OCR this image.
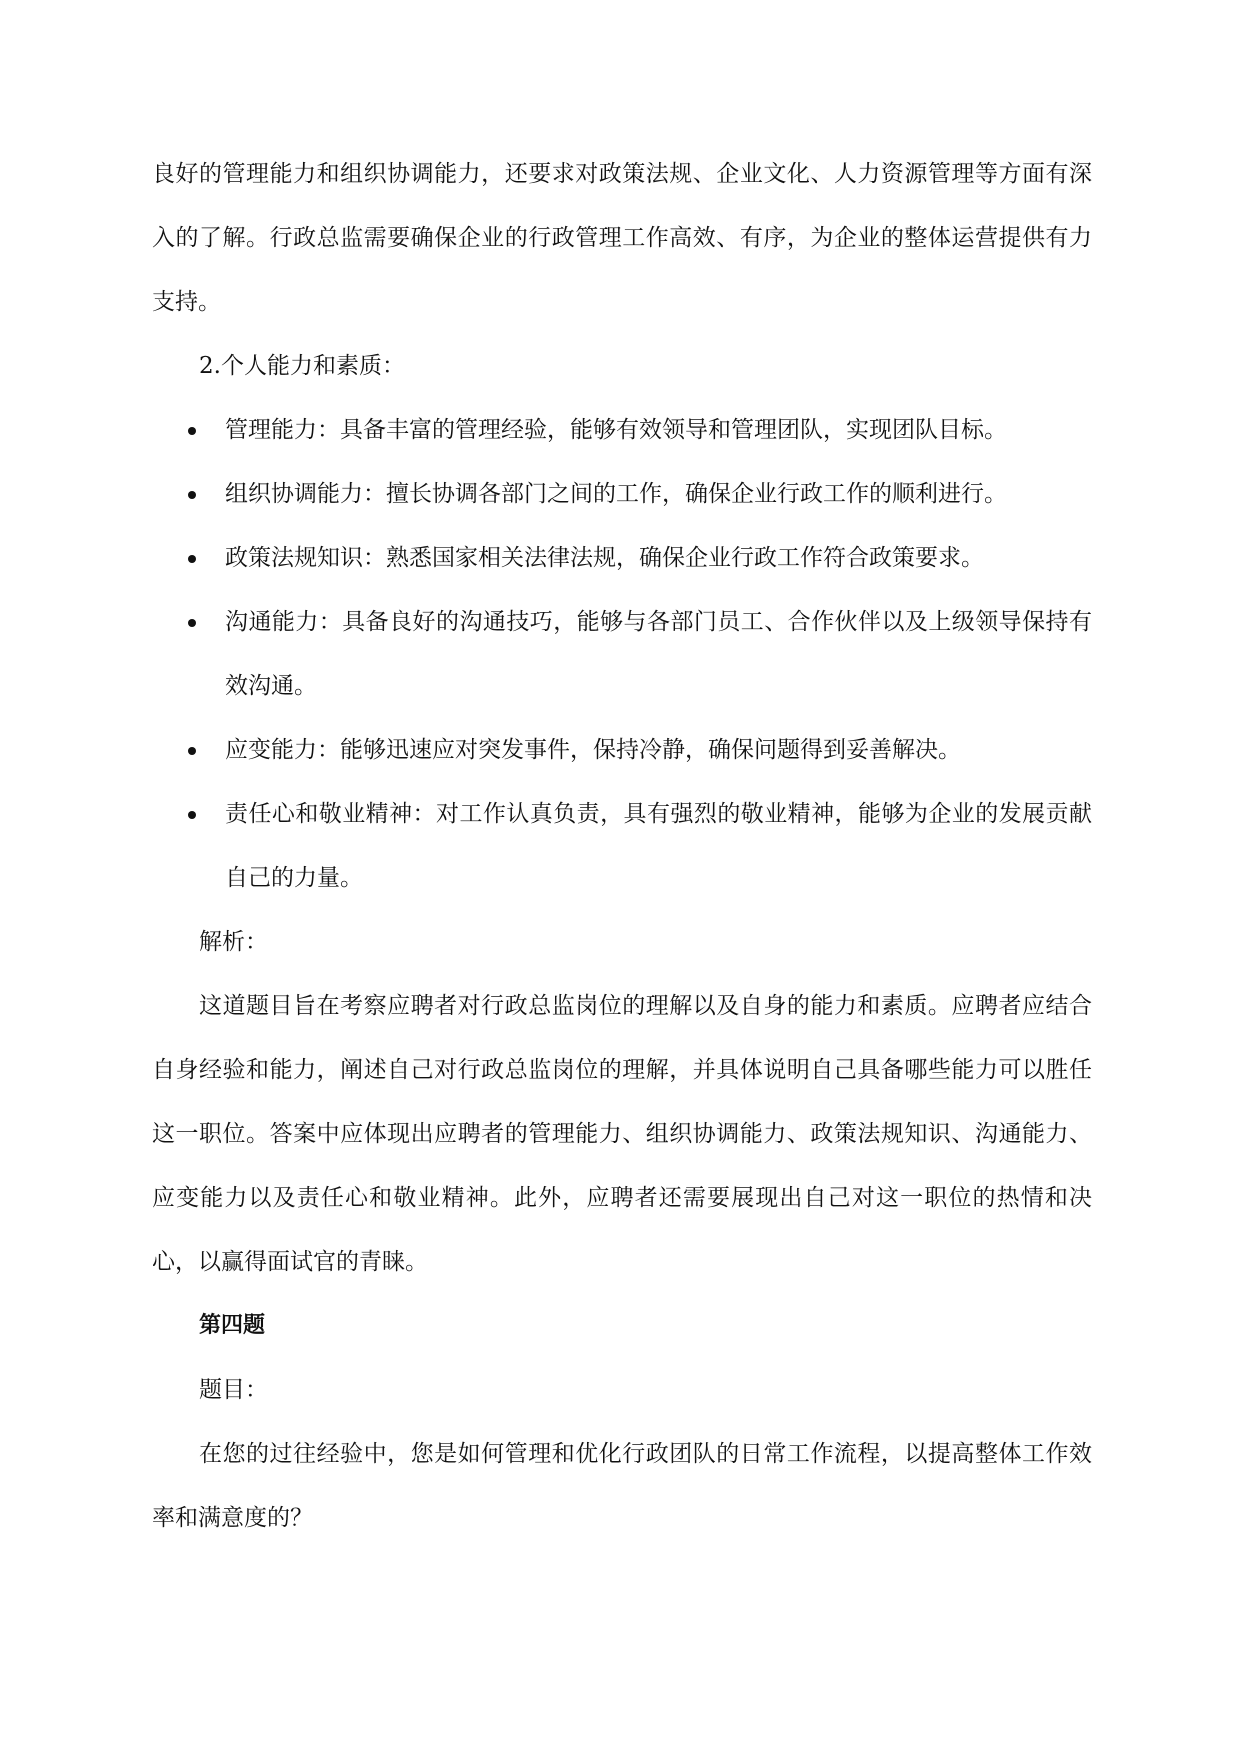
良好的管理能力和组织协调能力，还要求对政策法规、企业文化、人力资源管理等方面有深入的了解。行政总监需要确保企业的行政管理工作高效、有序，为企业的整体运营提供有力支持。

2.个人能力和素质：

管理能力：具备丰富的管理经验，能够有效领导和管理团队，实现团队目标。
组织协调能力：擅长协调各部门之间的工作，确保企业行政工作的顺利进行。
政策法规知识：熟悉国家相关法律法规，确保企业行政工作符合政策要求。
沟通能力：具备良好的沟通技巧，能够与各部门员工、合作伙伴以及上级领导保持有效沟通。
应变能力：能够迅速应对突发事件，保持冷静，确保问题得到妥善解决。
责任心和敬业精神：对工作认真负责，具有强烈的敬业精神，能够为企业的发展贡献自己的力量。

解析：

这道题目旨在考察应聘者对行政总监岗位的理解以及自身的能力和素质。应聘者应结合自身经验和能力，阐述自己对行政总监岗位的理解，并具体说明自己具备哪些能力可以胜任这一职位。答案中应体现出应聘者的管理能力、组织协调能力、政策法规知识、沟通能力、应变能力以及责任心和敬业精神。此外，应聘者还需要展现出自己对这一职位的热情和决心，以赢得面试官的青睐。

第四题

题目：

在您的过往经验中，您是如何管理和优化行政团队的日常工作流程，以提高整体工作效率和满意度的？
